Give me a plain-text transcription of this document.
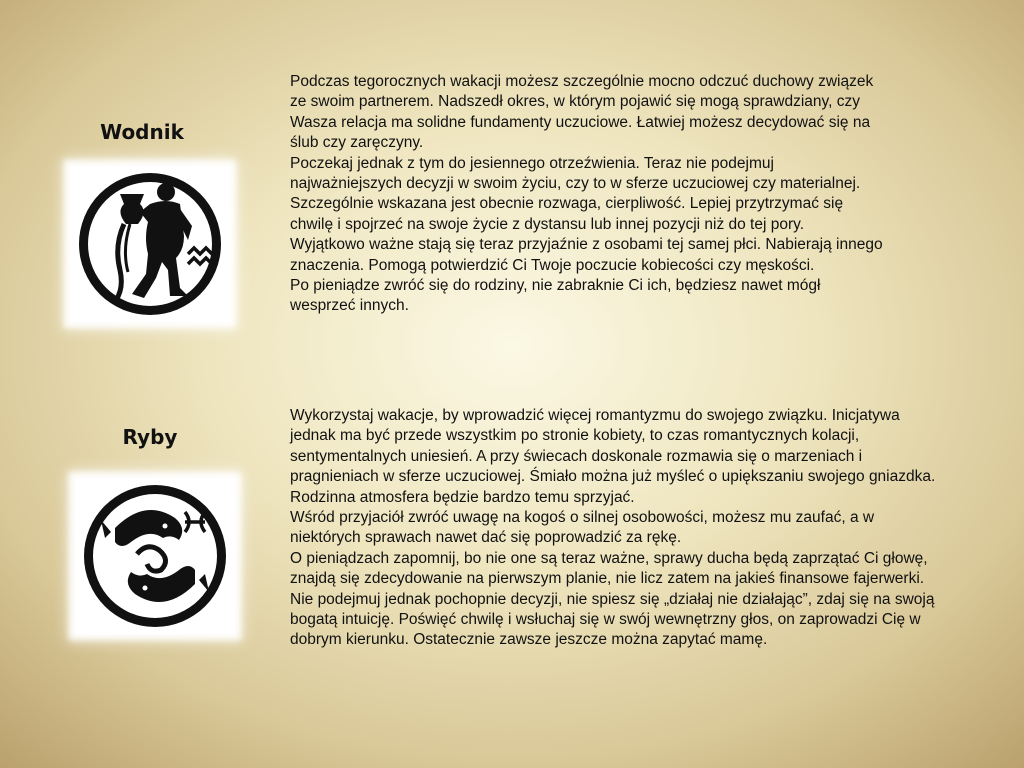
Wodnik

Podczas tegorocznych wakacji możesz szczególnie mocno odczuć duchowy związek ze swoim partnerem. Nadszedł okres, w którym pojawić się mogą sprawdziany, czy Wasza relacja ma solidne fundamenty uczuciowe. Łatwiej możesz decydować się na ślub czy zaręczyny.

Poczekaj jednak z tym do jesiennego otrzeźwienia. Teraz nie podejmuj najważniejszych decyzji w swoim życiu, czy to w sferze uczuciowej czy materialnej. Szczególnie wskazana jest obecnie rozwaga, cierpliwość. Lepiej przytrzymać się chwilę i spojrzeć na swoje życie z dystansu lub innej pozycji niż do tej pory.

Wyjątkowo ważne stają się teraz przyjaźnie z osobami tej samej płci. Nabierają innego znaczenia. Pomogą potwierdzić Ci Twoje poczucie kobiecości czy męskości.

Po pieniądze zwróć się do rodziny, nie zabraknie Ci ich, będziesz nawet mógł wesprzeć innych.

Ryby

Wykorzystaj wakacje, by wprowadzić więcej romantyzmu do swojego związku. Inicjatywa jednak ma być przede wszystkim po stronie kobiety, to czas romantycznych kolacji, sentymentalnych uniesień. A przy świecach doskonale rozmawia się o marzeniach i pragnieniach w sferze uczuciowej. Śmiało można już myśleć o upiększaniu swojego gniazdka. Rodzinna atmosfera będzie bardzo temu sprzyjać.

Wśród przyjaciół zwróć uwagę na kogoś o silnej osobowości, możesz mu zaufać, a w niektórych sprawach nawet dać się poprowadzić za rękę.

O pieniądzach zapomnij, bo nie one są teraz ważne, sprawy ducha będą zaprzątać Ci głowę, znajdą się zdecydowanie na pierwszym planie, nie licz zatem na jakieś finansowe fajerwerki.

Nie podejmuj jednak pochopnie decyzji, nie spiesz się „działaj nie działając”, zdaj się na swoją bogatą intuicję. Poświęć chwilę i wsłuchaj się w swój wewnętrzny głos, on zaprowadzi Cię w dobrym kierunku. Ostatecznie zawsze jeszcze można zapytać mamę.
